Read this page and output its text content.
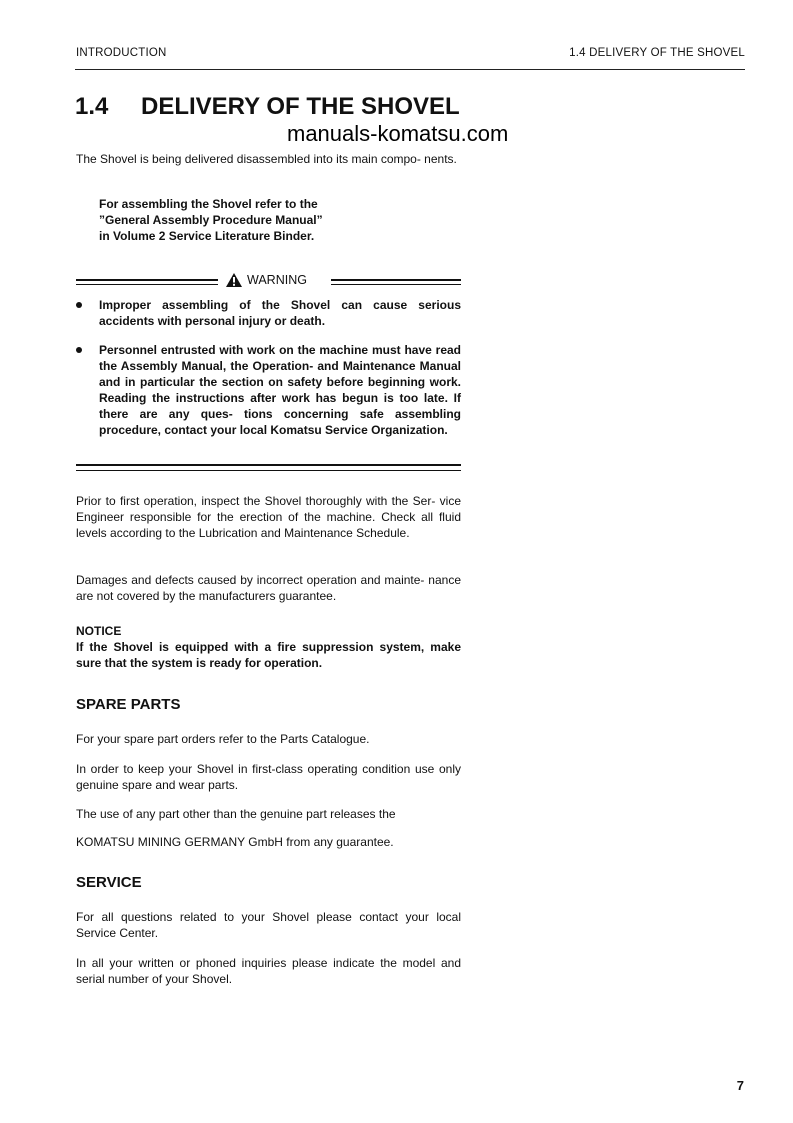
INTRODUCTION	1.4 DELIVERY OF THE SHOVEL
1.4 DELIVERY OF THE SHOVEL
manuals-komatsu.com

The Shovel is being delivered disassembled into its main compo- nents.

For assembling the Shovel refer to the
”General Assembly Procedure Manual”
in Volume 2 Service Literature Binder.
WARNING

Improper assembling of the Shovel can cause serious accidents with personal injury or death.

Personnel entrusted with work on the machine must have read the Assembly Manual, the Operation- and Maintenance Manual and in particular the section on safety before beginning work. Reading the instructions after work has begun is too late. If there are any ques- tions concerning safe assembling procedure, contact your local Komatsu Service Organization.

Prior to first operation, inspect the Shovel thoroughly with the Ser- vice Engineer responsible for the erection of the machine. Check all fluid levels according to the Lubrication and Maintenance Schedule.

Damages and defects caused by incorrect operation and mainte- nance are not covered by the manufacturers guarantee.

NOTICE

If the Shovel is equipped with a fire suppression system, make sure that the system is ready for operation.

SPARE PARTS

For your spare part orders refer to the Parts Catalogue.

In order to keep your Shovel in first-class operating condition use only genuine spare and wear parts.

The use of any part other than the genuine part releases the

KOMATSU MINING GERMANY GmbH from any guarantee.

SERVICE

For all questions related to your Shovel please contact your local Service Center.

In all your written or phoned inquiries please indicate the model and serial number of your Shovel.

7
